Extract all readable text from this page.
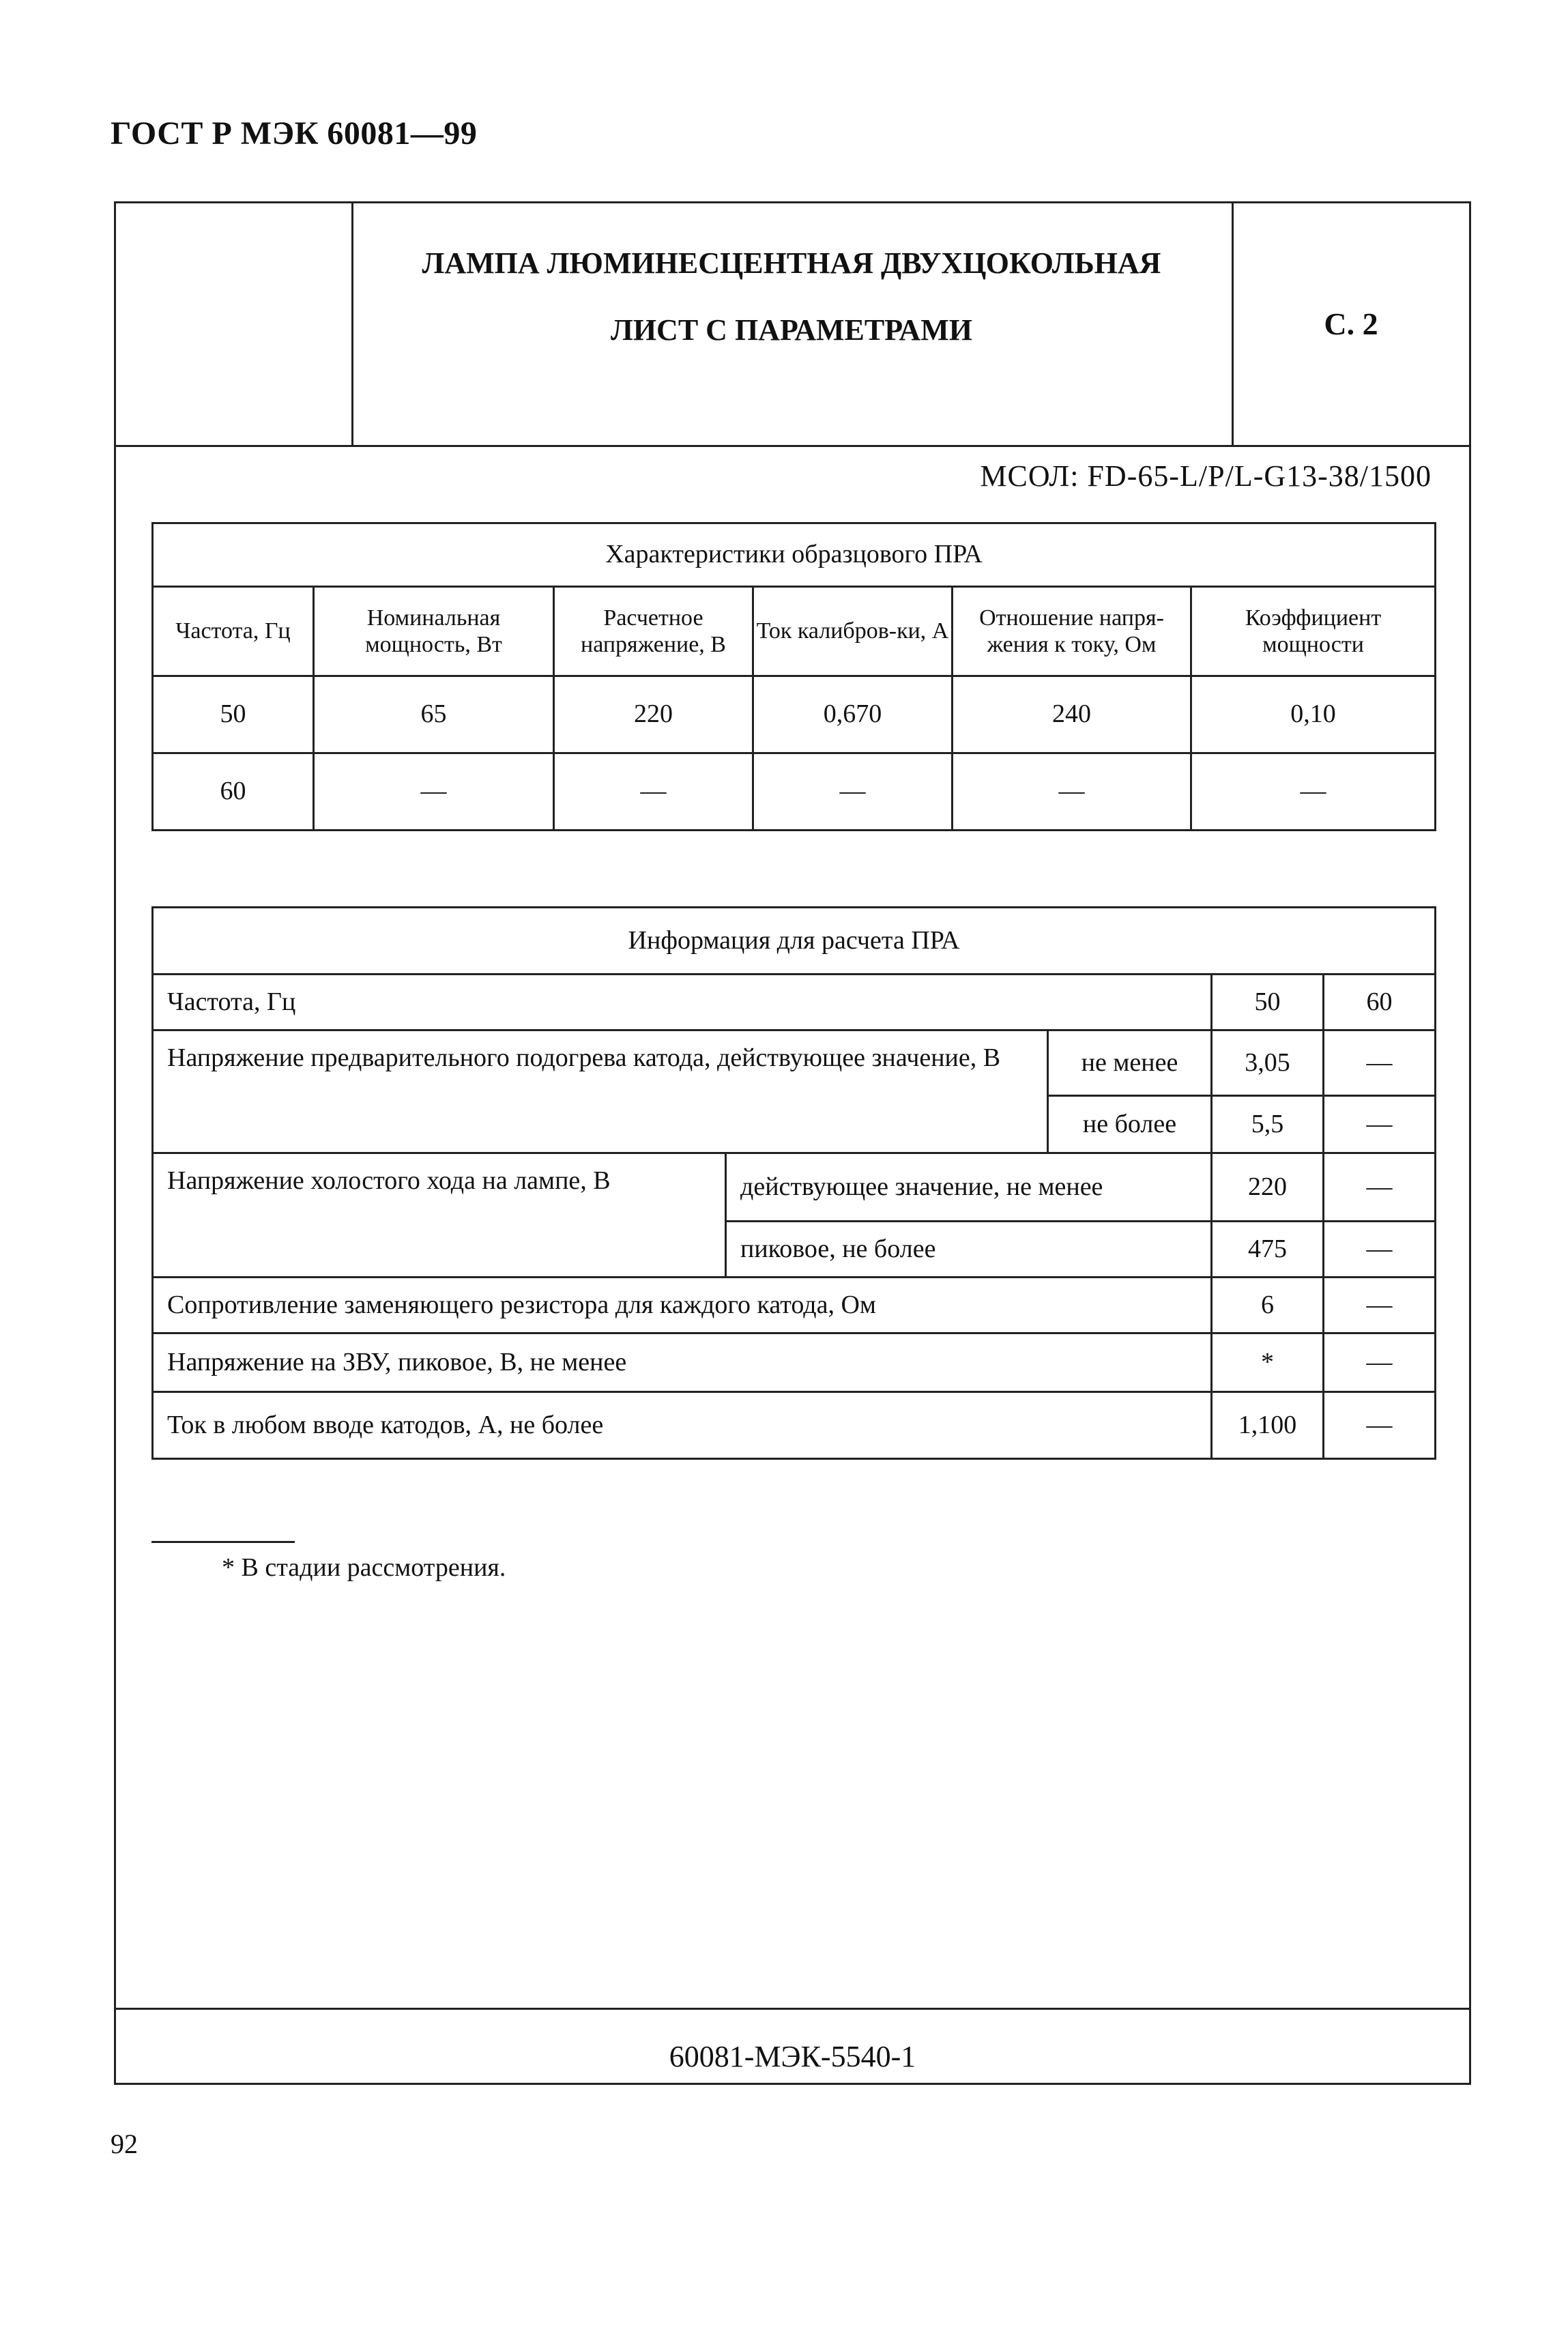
ГОСТ Р МЭК 60081—99
ЛАМПА ЛЮМИНЕСЦЕНТНАЯ ДВУХЦОКОЛЬНАЯ
ЛИСТ С ПАРАМЕТРАМИ	С. 2
МСОЛ: FD-65-L/P/L-G13-38/1500
Характеристики образцового ПРА					
Частота, Гц	Номинальная мощность, Вт	Расчетное напряжение, В	Ток калибров-ки, А	Отношение напря-жения к току, Ом	Коэффициент мощности
50	65	220	0,670	240	0,10
60	—	—	—	—	—
Информация для расчета ПРА				
Частота, Гц			50	60
Напряжение предварительного подогрева катода, действующее значение, В		не менее	3,05	—
		не более	5,5	—
Напряжение холостого хода на лампе, В	действующее значение, не менее		220	—
	пиковое, не более		475	—
Сопротивление заменяющего резистора для каждого катода, Ом			6	—
Напряжение на ЗВУ, пиковое, В, не менее			*	—
Ток в любом вводе катодов, А, не более			1,100	—
* В стадии рассмотрения.
60081-МЭК-5540-1
92
